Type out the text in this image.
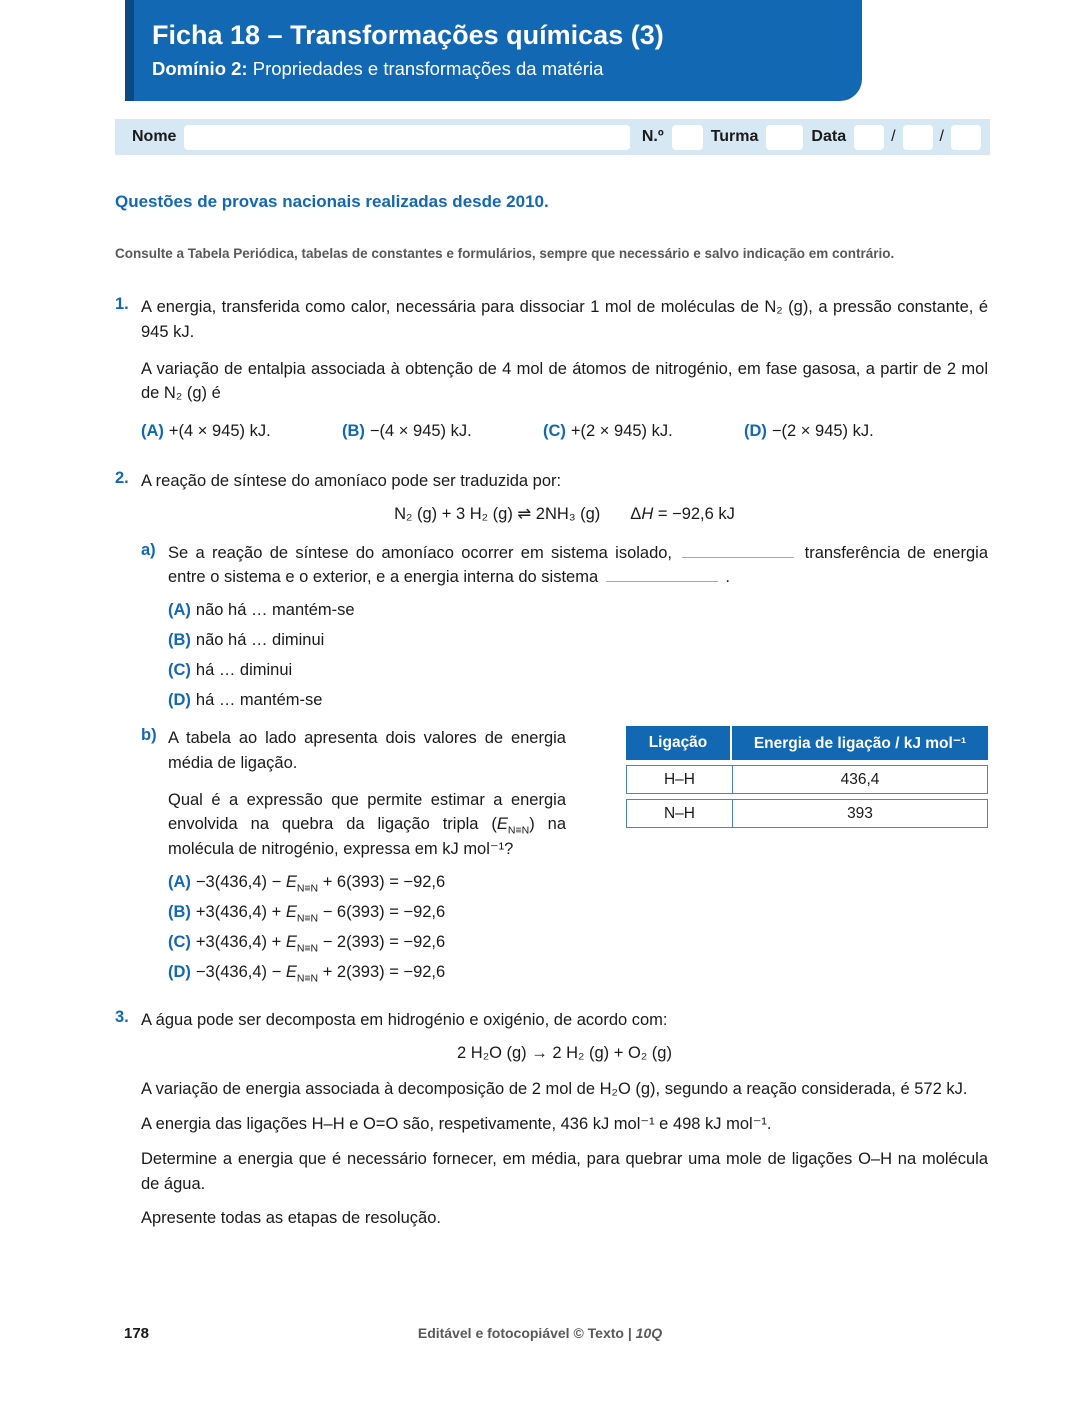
Ficha 18 – Transformações químicas (3)
Domínio 2: Propriedades e transformações da matéria
Nome	N.º	Turma	Data	/	/
Questões de provas nacionais realizadas desde 2010.
Consulte a Tabela Periódica, tabelas de constantes e formulários, sempre que necessário e salvo indicação em contrário.
1. A energia, transferida como calor, necessária para dissociar 1 mol de moléculas de N₂ (g), a pressão constante, é 945 kJ.

A variação de entalpia associada à obtenção de 4 mol de átomos de nitrogénio, em fase gasosa, a partir de 2 mol de N₂ (g) é

(A) +(4 × 945) kJ.	(B) −(4 × 945) kJ.	(C) +(2 × 945) kJ.	(D) −(2 × 945) kJ.
2. A reação de síntese do amoníaco pode ser traduzida por:

N₂ (g) + 3 H₂ (g) ⇌ 2NH₃ (g) ΔH = −92,6 kJ

a) Se a reação de síntese do amoníaco ocorrer em sistema isolado,	transferência de energia entre o sistema e o exterior, e a energia interna do sistema	.

(A) não há … mantém-se
(B) não há … diminui
(C) há … diminui
(D) há … mantém-se
b) A tabela ao lado apresenta dois valores de energia média de ligação.

Qual é a expressão que permite estimar a energia envolvida na quebra da ligação tripla $(E_{N\equiv N})$ na molécula de nitrogénio, expressa em kJ mol⁻¹?

Ligação	Energia de ligação / kJ mol⁻¹
H–H	436,4
N–H	393
$(A) -3(436,4) - E_{N\equiv N} + 6(393) = -92,6$
$(B) +3(436,4) + E_{N\equiv N} - 6(393) = -92,6$
$(C) +3(436,4) + E_{N\equiv N} - 2(393) = -92,6$
$(D) -3(436,4) - E_{N\equiv N} + 2(393) = -92,6$
3. A água pode ser decomposta em hidrogénio e oxigénio, de acordo com:

2 H₂O (g) → 2 H₂ (g) + O₂ (g)

A variação de energia associada à decomposição de 2 mol de H₂O (g), segundo a reação considerada, é 572 kJ.

A energia das ligações H–H e O=O são, respetivamente, 436 kJ mol⁻¹ e 498 kJ mol⁻¹.

Determine a energia que é necessário fornecer, em média, para quebrar uma mole de ligações O–H na molécula de água.

Apresente todas as etapas de resolução.

178	Editável e fotocopiável © Texto | 10Q
